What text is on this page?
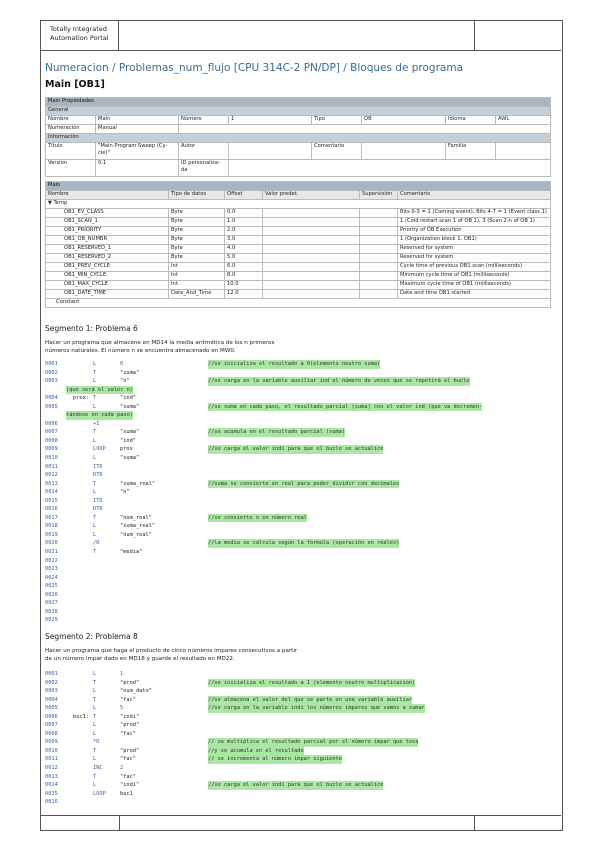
Totally Integrated
Automation Portal
Numeracion / Problemas_num_flujo [CPU 314C-2 PN/DP] / Bloques de programa
Main [OB1]
Main Propiedades							
General							
Nombre	Main	Número	1	Tipo	OB	Idioma	AWL
Numeración	Manual						
Información							
Título	"Main Program Sweep (Cy-
cle)"	Autor		Comentario		Familia	
Versión	0.1	ID personaliza-
da					
Main					
Nombre	Tipo de datos	Offset	Valor predet.	Supervisión	Comentario
▼ Temp					
OB1_EV_CLASS	Byte	0.0			Bits 0-3 = 1 (Coming event), Bits 4-7 = 1 (Event class 1)
OB1_SCAN_1	Byte	1.0			1 (Cold restart scan 1 of OB 1), 3 (Scan 2-n of OB 1)
OB1_PRIORITY	Byte	2.0			Priority of OB Execution
OB1_OB_NUMBR	Byte	3.0			1 (Organization block 1, OB1)
OB1_RESERVED_1	Byte	4.0			Reserved for system
OB1_RESERVED_2	Byte	5.0			Reserved for system
OB1_PREV_CYCLE	Int	6.0			Cycle time of previous OB1 scan (milliseconds)
OB1_MIN_CYCLE	Int	8.0			Minimum cycle time of OB1 (milliseconds)
OB1_MAX_CYCLE	Int	10.0			Maximum cycle time of OB1 (milliseconds)
OB1_DATE_TIME	Date_And_Time	12.0			Date and time OB1 started
Constant					
Segmento 1: Problema 6
Hacer un programa que almacene en MD14 la media aritmética de los n primeros
números naturales. El número n se encuentra almacenado en MW0.
0001	L	0	//se inicializa el resultado a 0(elemento neutro suma)
0002	T	"suma"
0003	L	"n"	//se carga en la variable auxiliar ind el número de veces que se repetirá el bucle
(que será el valor n)
0004	prox: T	"ind"
0005	L	"suma"	//se suma en cada paso, el resultado parcial (suma) con el valor ind (que va decremen-
tándose en cada paso)
0006	+I
0007	T	"suma"	//se acumula en el resultado parcial (suma)
0008	L	"ind"
0009	LOOP	prox	//se carga el valor indi para que el bucle se actualice
0010	L	"suma"
0011	ITD
0012	DTR
0013	T	"suma_real"	//suma se convierte en real para poder dividir con decimales
0014	L	"n"
0015	ITD
0016	DTR
0017	T	"num_real"	//se convierte n en número real
0018	L	"suma_real"
0019	L	"num_real"
0020	/R	//la media se calcula según la fórmula (operación en reales)
0021	T	"media"
0022
0023
0024
0025
0026
0027
0028
0029
Segmento 2: Problema 8
Hacer un programa que haga el producto de cinco números impares consecutivos a partir
de un número impar dado en MD18 y guarde el resultado en MD22.
0001	L	1
0002	T	"prod"	//se inicializa el resultado a 1 (elemento neutro multiplicación)
0003	L	"num_dato"
0004	T	"fac"	//se almacena el valor del que se parte en una variable auxiliar
0005	L	5	//se carga en la variable indi los números impares que vamos a sumar
0006	buc1: T	"indi"
0007	L	"prod"
0008	L	"fac"
0009	*D	// se multiplica el resultado parcial por el número impar que toca
0010	T	"prod"	//y se acumula en el resultado
0011	L	"fac"	// se incrementa al número impar siguiente
0012	INC	2
0013	T	"fac"
0014	L	"indi"	//se carga el valor indi para que el bucle se actualice
0015	LOOP	buc1
0016
